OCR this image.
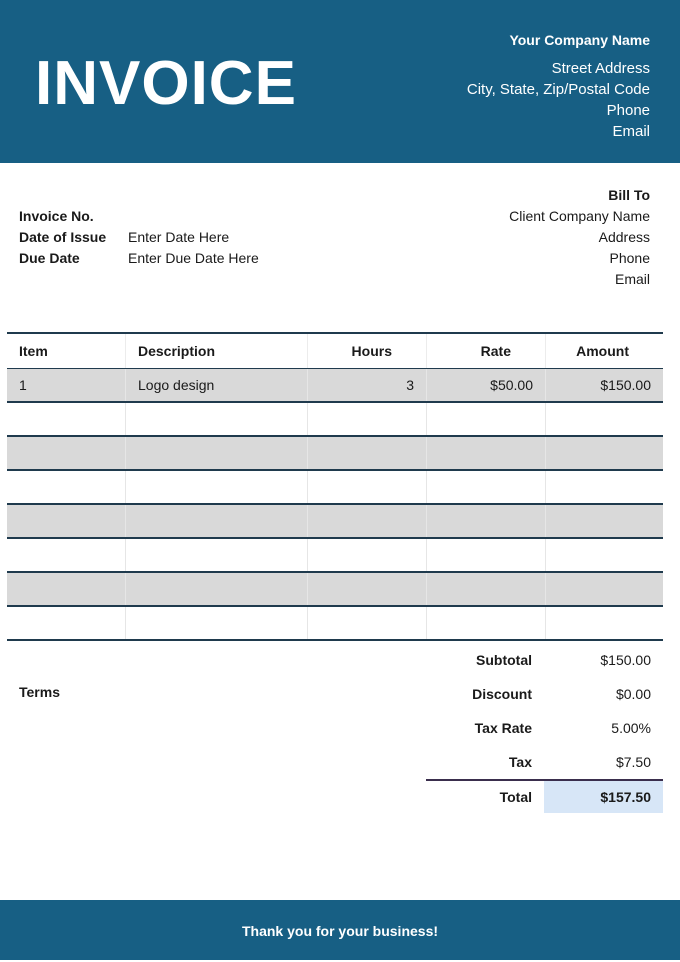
INVOICE
Your Company Name
Street Address
City, State, Zip/Postal Code
Phone
Email
Bill To
Client Company Name
Address
Phone
Email
Invoice No.
Date of Issue	Enter Date Here
Due Date	Enter Due Date Here
Item	Description	Hours	Rate	Amount
1	Logo design	3	$50.00	$150.00
Terms
Subtotal	$150.00
Discount	$0.00
Tax Rate	5.00%
Tax	$7.50
Total	$157.50
Thank you for your business!
